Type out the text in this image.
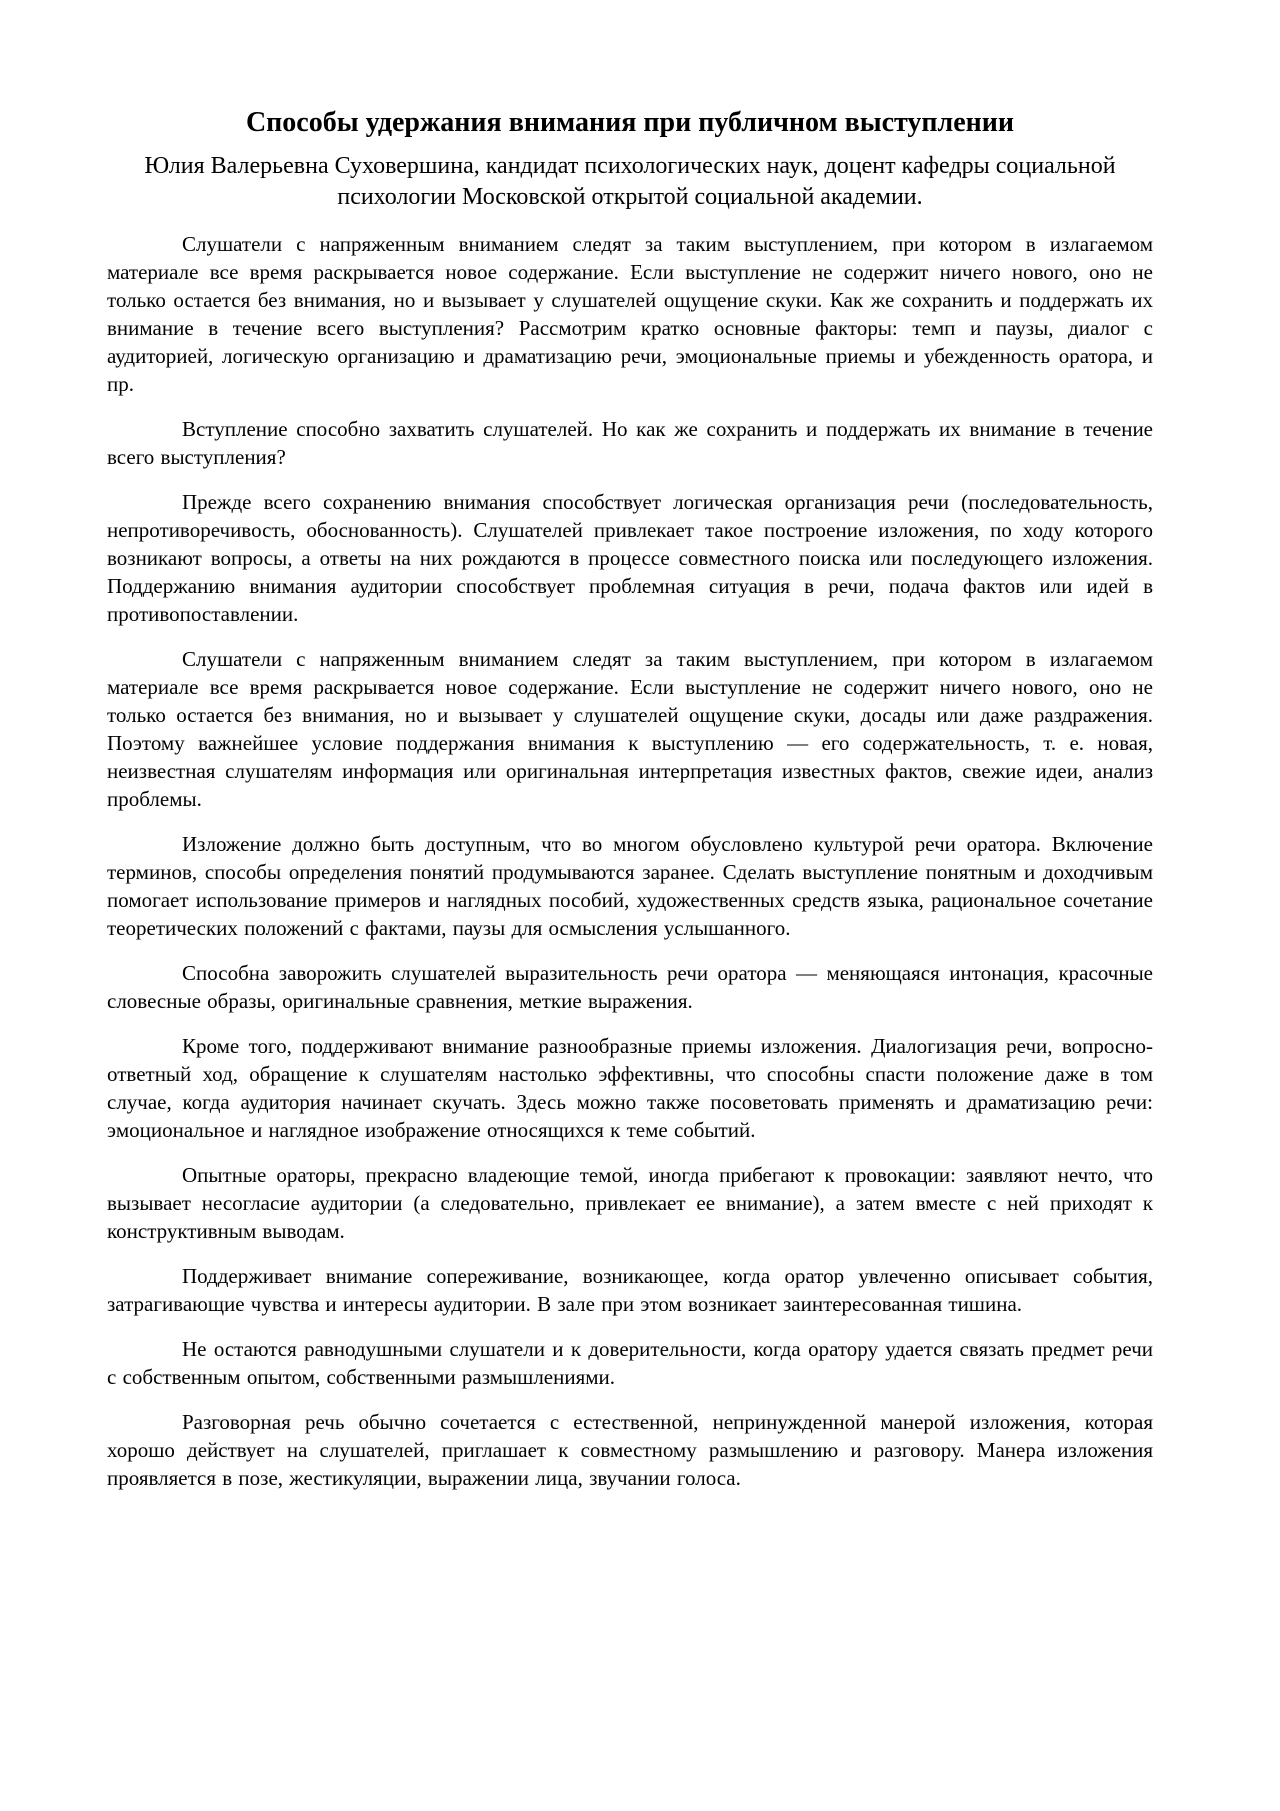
Способы удержания внимания при публичном выступлении

Юлия Валерьевна Суховершина, кандидат психологических наук, доцент кафедры социальной психологии Московской открытой социальной академии.

Слушатели с напряженным вниманием следят за таким выступлением, при котором в излагаемом материале все время раскрывается новое содержание. Если выступление не содержит ничего нового, оно не только остается без внимания, но и вызывает у слушателей ощущение скуки. Как же сохранить и поддержать их внимание в течение всего выступления? Рассмотрим кратко основные факторы: темп и паузы, диалог с аудиторией, логическую организацию и драматизацию речи, эмоциональные приемы и убежденность оратора, и пр.

Вступление способно захватить слушателей. Но как же сохранить и поддержать их внимание в течение всего выступления?

Прежде всего сохранению внимания способствует логическая организация речи (последовательность, непротиворечивость, обоснованность). Слушателей привлекает такое построение изложения, по ходу которого возникают вопросы, а ответы на них рождаются в процессе совместного поиска или последующего изложения. Поддержанию внимания аудитории способствует проблемная ситуация в речи, подача фактов или идей в противопоставлении.

Слушатели с напряженным вниманием следят за таким выступлением, при котором в излагаемом материале все время раскрывается новое содержание. Если выступление не содержит ничего нового, оно не только остается без внимания, но и вызывает у слушателей ощущение скуки, досады или даже раздражения. Поэтому важнейшее условие поддержания внимания к выступлению — его содержательность, т. е. новая, неизвестная слушателям информация или оригинальная интерпретация известных фактов, свежие идеи, анализ проблемы.

Изложение должно быть доступным, что во многом обусловлено культурой речи оратора. Включение терминов, способы определения понятий продумываются заранее. Сделать выступление понятным и доходчивым помогает использование примеров и наглядных пособий, художественных средств языка, рациональное сочетание теоретических положений с фактами, паузы для осмысления услышанного.

Способна заворожить слушателей выразительность речи оратора — меняющаяся интонация, красочные словесные образы, оригинальные сравнения, меткие выражения.

Кроме того, поддерживают внимание разнообразные приемы изложения. Диалогизация речи, вопросно-ответный ход, обращение к слушателям настолько эффективны, что способны спасти положение даже в том случае, когда аудитория начинает скучать. Здесь можно также посоветовать применять и драматизацию речи: эмоциональное и наглядное изображение относящихся к теме событий.

Опытные ораторы, прекрасно владеющие темой, иногда прибегают к провокации: заявляют нечто, что вызывает несогласие аудитории (а следовательно, привлекает ее внимание), а затем вместе с ней приходят к конструктивным выводам.

Поддерживает внимание сопереживание, возникающее, когда оратор увлеченно описывает события, затрагивающие чувства и интересы аудитории. В зале при этом возникает заинтересованная тишина.

Не остаются равнодушными слушатели и к доверительности, когда оратору удается связать предмет речи с собственным опытом, собственными размышлениями.

Разговорная речь обычно сочетается с естественной, непринужденной манерой изложения, которая хорошо действует на слушателей, приглашает к совместному размышлению и разговору. Манера изложения проявляется в позе, жестикуляции, выражении лица, звучании голоса.
